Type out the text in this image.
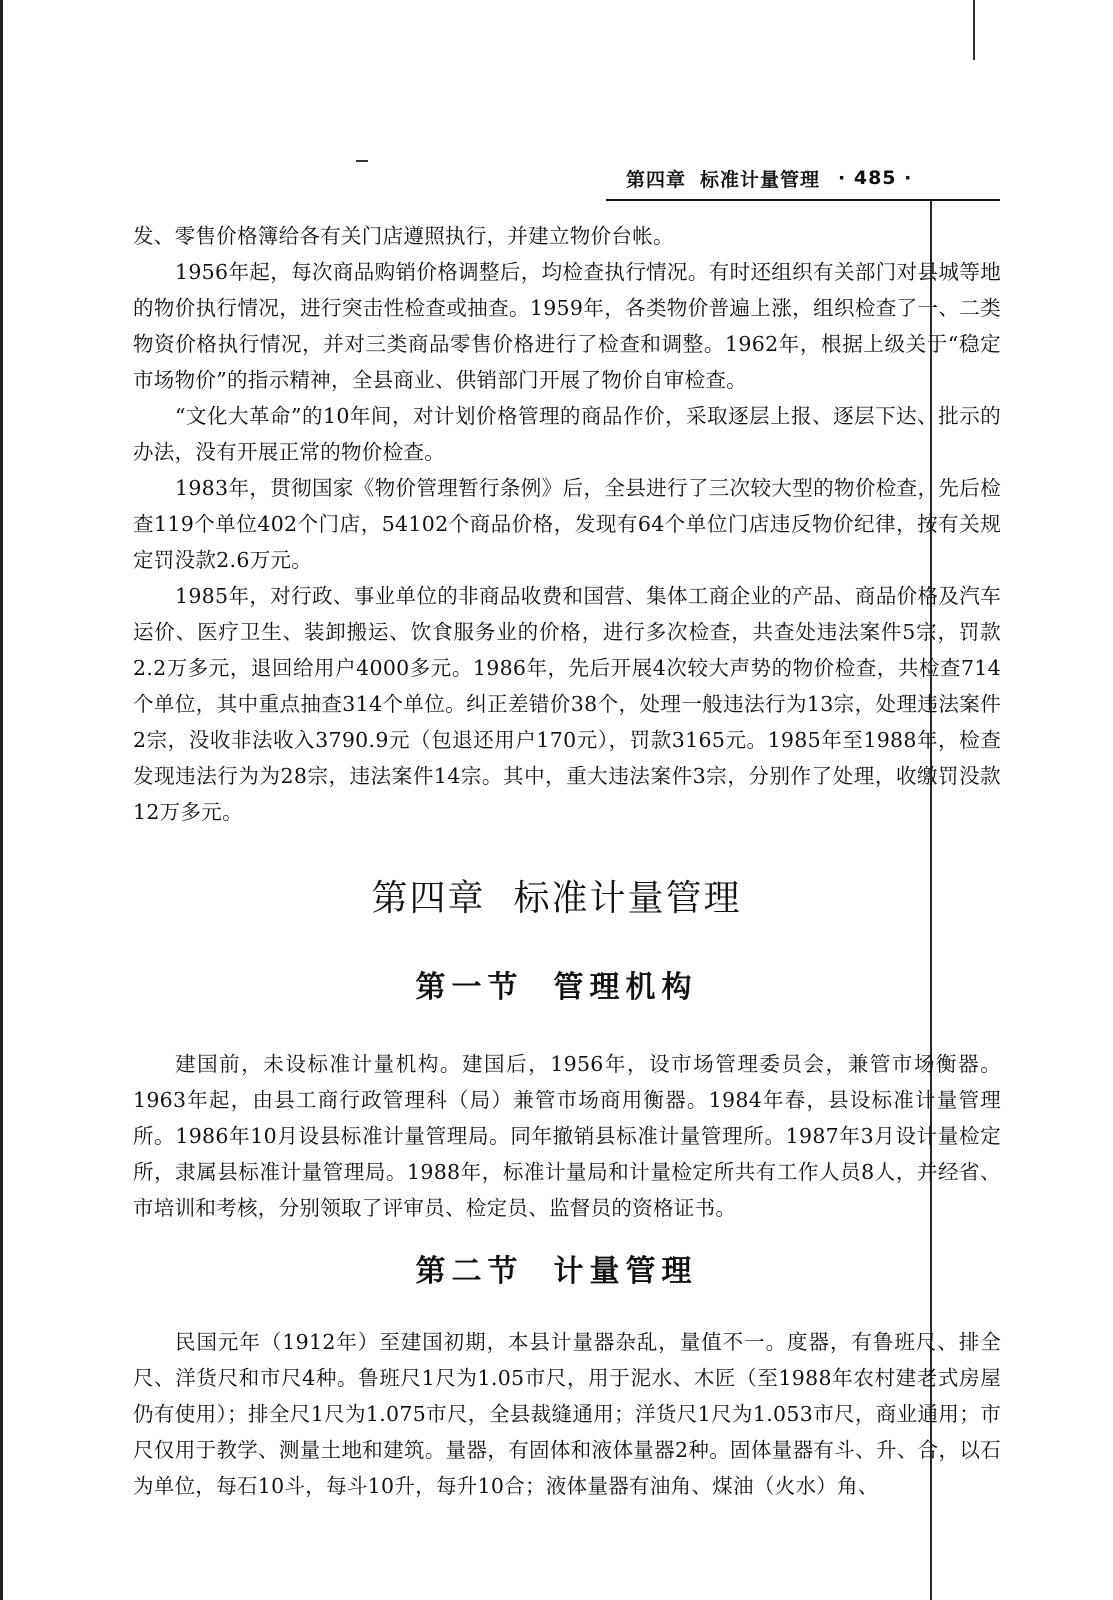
第四章 标准计量管理 · 485 ·

发、零售价格簿给各有关门店遵照执行，并建立物价台帐。

1956年起，每次商品购销价格调整后，均检查执行情况。有时还组织有关部门对县城等地的物价执行情况，进行突击性检查或抽查。1959年，各类物价普遍上涨，组织检查了一、二类物资价格执行情况，并对三类商品零售价格进行了检查和调整。1962年，根据上级关于“稳定市场物价”的指示精神，全县商业、供销部门开展了物价自审检查。

“文化大革命”的10年间，对计划价格管理的商品作价，采取逐层上报、逐层下达、批示的办法，没有开展正常的物价检查。

1983年，贯彻国家《物价管理暂行条例》后，全县进行了三次较大型的物价检查，先后检查119个单位402个门店，54102个商品价格，发现有64个单位门店违反物价纪律，按有关规定罚没款2.6万元。

1985年，对行政、事业单位的非商品收费和国营、集体工商企业的产品、商品价格及汽车运价、医疗卫生、装卸搬运、饮食服务业的价格，进行多次检查，共查处违法案件5宗，罚款2.2万多元，退回给用户4000多元。1986年，先后开展4次较大声势的物价检查，共检查714个单位，其中重点抽查314个单位。纠正差错价38个，处理一般违法行为13宗，处理违法案件2宗，没收非法收入3790.9元（包退还用户170元），罚款3165元。1985年至1988年，检查发现违法行为为28宗，违法案件14宗。其中，重大违法案件3宗，分别作了处理，收缴罚没款12万多元。

第四章 标准计量管理
第一节 管理机构

建国前，未设标准计量机构。建国后，1956年，设市场管理委员会，兼管市场衡器。1963年起，由县工商行政管理科（局）兼管市场商用衡器。1984年春，县设标准计量管理所。1986年10月设县标准计量管理局。同年撤销县标准计量管理所。1987年3月设计量检定所，隶属县标准计量管理局。1988年，标准计量局和计量检定所共有工作人员8人，并经省、市培训和考核，分别领取了评审员、检定员、监督员的资格证书。

第二节 计量管理

民国元年（1912年）至建国初期，本县计量器杂乱，量值不一。度器，有鲁班尺、排全尺、洋货尺和市尺4种。鲁班尺1尺为1.05市尺，用于泥水、木匠（至1988年农村建老式房屋仍有使用）；排全尺1尺为1.075市尺，全县裁缝通用；洋货尺1尺为1.053市尺，商业通用；市尺仅用于教学、测量土地和建筑。量器，有固体和液体量器2种。固体量器有斗、升、合，以石为单位，每石10斗，每斗10升，每升10合；液体量器有油角、煤油（火水）角、
